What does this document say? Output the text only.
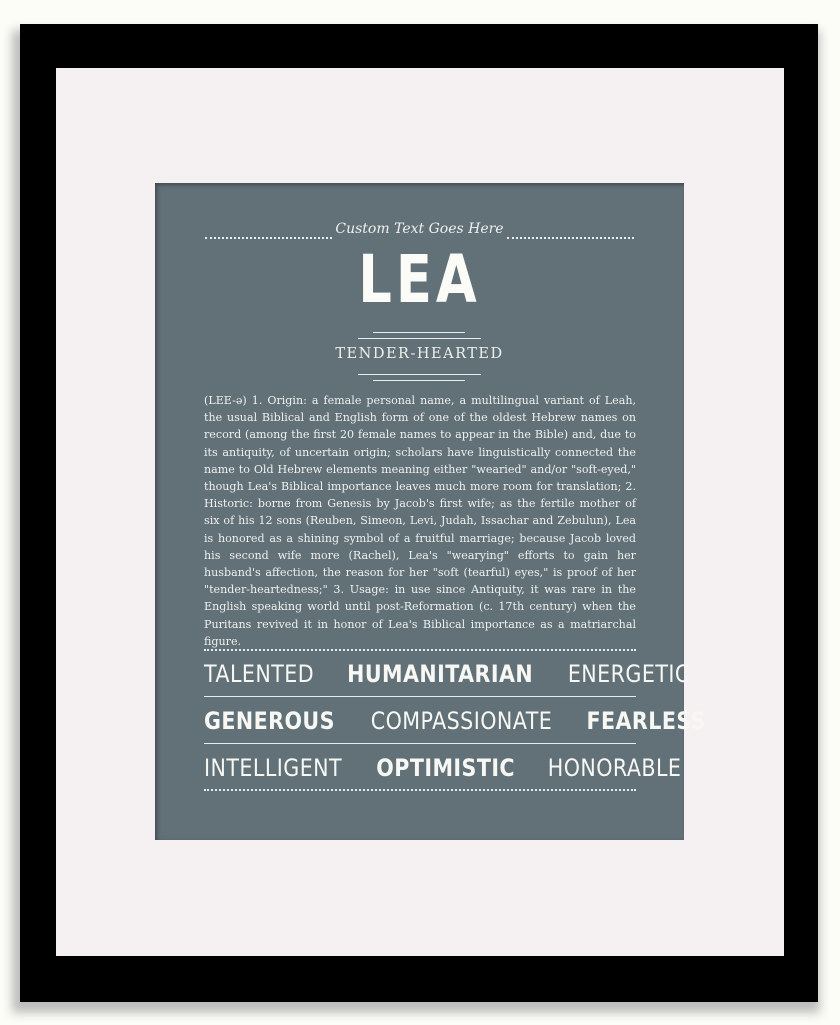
Custom Text Goes Here
LEA
TENDER-HEARTED
(LEE-ə) 1. Origin: a female personal name, a multilingual variant of Leah, the usual Biblical and English form of one of the oldest Hebrew names on record (among the first 20 female names to appear in the Bible) and, due to its antiquity, of uncertain origin; scholars have linguistically connected the name to Old Hebrew elements meaning either "wearied" and/or "soft-eyed," though Lea's Biblical importance leaves much more room for translation; 2. Historic: borne from Genesis by Jacob's first wife; as the fertile mother of six of his 12 sons (Reuben, Simeon, Levi, Judah, Issachar and Zebulun), Lea is honored as a shining symbol of a fruitful marriage; because Jacob loved his second wife more (Rachel), Lea's "wearying" efforts to gain her husband's affection, the reason for her "soft (tearful) eyes," is proof of her "tender-heartedness;" 3. Usage: in use since Antiquity, it was rare in the English speaking world until post-Reformation (c. 17th century) when the Puritans revived it in honor of Lea's Biblical importance as a matriarchal figure.
TALENTED HUMANITARIAN ENERGETIC
GENEROUS COMPASSIONATE FEARLESS
INTELLIGENT OPTIMISTIC HONORABLE
